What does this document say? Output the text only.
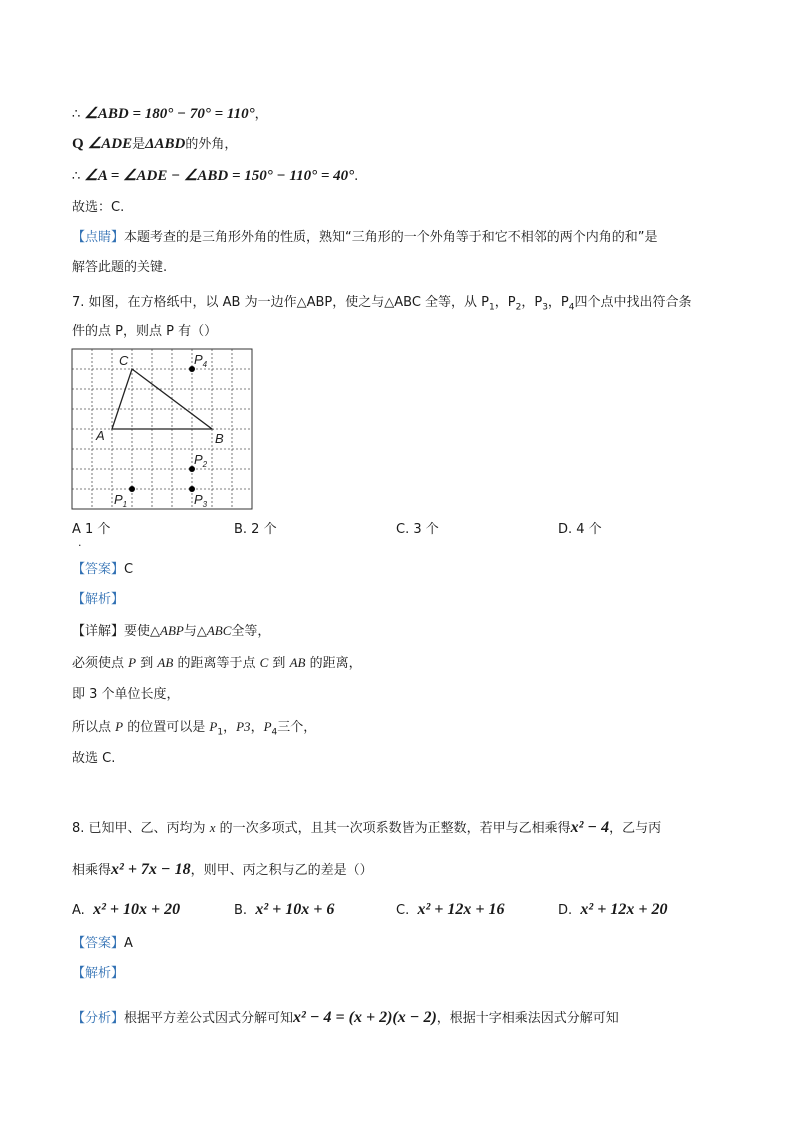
∴ ∠ABD = 180° − 70° = 110°，
Q ∠ADE是ΔABD的外角，
∴ ∠A = ∠ADE − ∠ABD = 150° − 110° = 40°.
故选：C.
【点睛】本题考查的是三角形外角的性质，熟知“三角形的一个外角等于和它不相邻的两个内角的和”是
解答此题的关键.
7. 如图，在方格纸中，以 AB 为一边作△ABP，使之与△ABC 全等，从 $P_1$，$P_2$，$P_3$，$P_4$四个点中找出符合条
件的点 P，则点 P 有（）
A	B
C	$P_4$
$P_2$
$P_1$	$P_3$
A 1 个
.
B. 2 个	C. 3 个	D. 4 个
【答案】C
【解析】
【详解】要使△ABP与△ABC全等，
必须使点 P 到 AB 的距离等于点 C 到 AB 的距离，
即 3 个单位长度，
所以点 P 的位置可以是 $P_1$，P3，$P_4$三个，
故选 C.
8. 已知甲、乙、丙均为 x 的一次多项式，且其一次项系数皆为正整数，若甲与乙相乘得x² − 4，乙与丙
相乘得x² + 7x − 18，则甲、丙之积与乙的差是（）
A. x² + 10x + 20	B. x² + 10x + 6	C. x² + 12x + 16	D. x² + 12x + 20
【答案】A
【解析】
【分析】根据平方差公式因式分解可知x² − 4 = (x + 2)(x − 2)，根据十字相乘法因式分解可知
